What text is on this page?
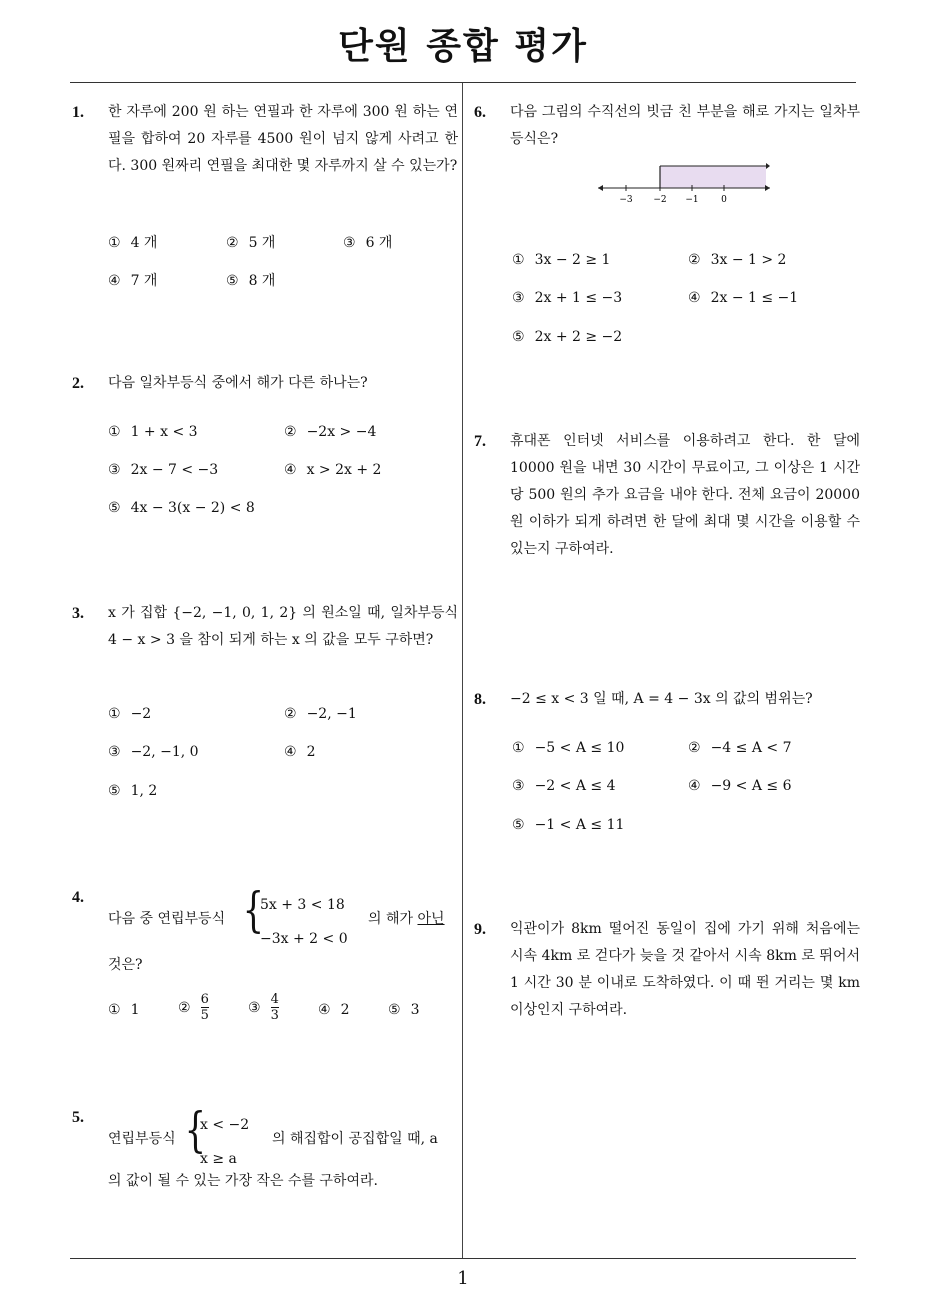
단원 종합 평가
1
1. 한 자루에 200 원 하는 연필과 한 자루에 300 원 하는 연필을 합하여 20 자루를 4500 원이 넘지 않게 사려고 한다. 300 원짜리 연필을 최대한 몇 자루까지 살 수 있는가?
① 4 개	② 5 개	③ 6 개
④ 7 개	⑤ 8 개
2. 다음 일차부등식 중에서 해가 다른 하나는?
① 1 + x < 3	② −2x > −4
③ 2x − 7 < −3	④ x > 2x + 2
⑤ 4x − 3(x − 2) < 8
3. x 가 집합 {−2, −1, 0, 1, 2} 의 원소일 때, 일차부등식 4 − x > 3 을 참이 되게 하는 x 의 값을 모두 구하면?
① −2	② −2, −1
③ −2, −1, 0	④ 2
⑤ 1, 2
4.
다음 중 연립부등식 {
5x + 3 < 18
−3x + 2 < 0
의 해가 아닌
것은?
① 1	② $\frac{6}{5}$	③ $\frac{4}{3}$	④ 2	⑤ 3
5.
연립부등식 {
x < −2
x ≥ a
의 해집합이 공집합일 때, a
의 값이 될 수 있는 가장 작은 수를 구하여라.
6. 다음 그림의 수직선의 빗금 친 부분을 해로 가지는 일차부등식은?
−3 −2 −1 0
① 3x − 2 ≥ 1	② 3x − 1 > 2
③ 2x + 1 ≤ −3	④ 2x − 1 ≤ −1
⑤ 2x + 2 ≥ −2
7. 휴대폰 인터넷 서비스를 이용하려고 한다. 한 달에 10000 원을 내면 30 시간이 무료이고, 그 이상은 1 시간당 500 원의 추가 요금을 내야 한다. 전체 요금이 20000 원 이하가 되게 하려면 한 달에 최대 몇 시간을 이용할 수 있는지 구하여라.
8. −2 ≤ x < 3 일 때, A = 4 − 3x 의 값의 범위는?
① −5 < A ≤ 10	② −4 ≤ A < 7
③ −2 < A ≤ 4	④ −9 < A ≤ 6
⑤ −1 < A ≤ 11
9. 익관이가 8km 떨어진 동일이 집에 가기 위해 처음에는 시속 4km 로 걷다가 늦을 것 같아서 시속 8km 로 뛰어서 1 시간 30 분 이내로 도착하였다. 이 때 뛴 거리는 몇 km 이상인지 구하여라.
